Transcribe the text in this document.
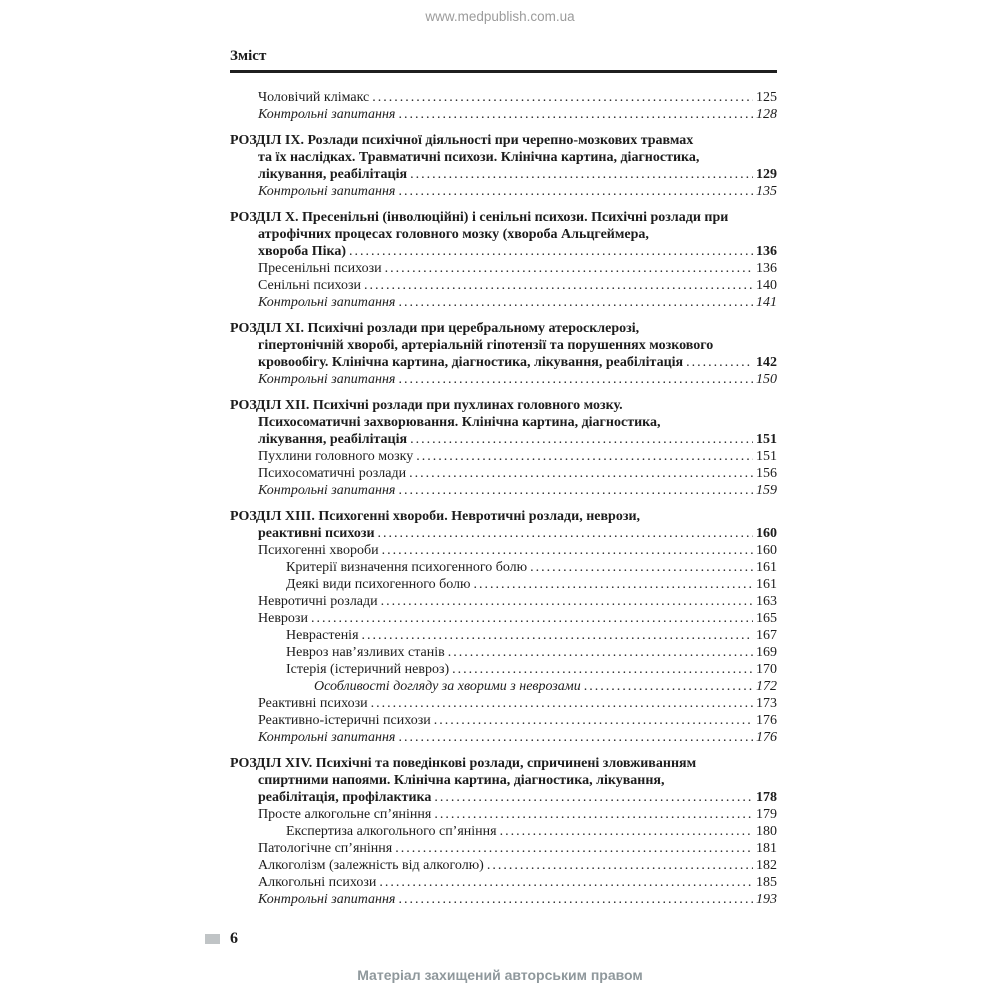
www.medpublish.com.ua
Зміст
Чоловічий клімакс .....	125
Контрольні запитання .....	128
РОЗДІЛ IX. Розлади психічної діяльності при черепно-мозкових травмах
та їх наслідках. Травматичні психози. Клінічна картина, діагностика,
лікування, реабілітація .....	129
Контрольні запитання .....	135
РОЗДІЛ X. Пресенільні (інволюційні) і сенільні психози. Психічні розлади при
атрофічних процесах головного мозку (хвороба Альцгеймера,
хвороба Піка) .....	136
Пресенільні психози .....	136
Сенільні психози .....	140
Контрольні запитання .....	141
РОЗДІЛ XI. Психічні розлади при церебральному атеросклерозі,
гіпертонічній хворобі, артеріальній гіпотензії та порушеннях мозкового
кровообігу. Клінічна картина, діагностика, лікування, реабілітація .....	142
Контрольні запитання .....	150
РОЗДІЛ XII. Психічні розлади при пухлинах головного мозку.
Психосоматичні захворювання. Клінічна картина, діагностика,
лікування, реабілітація .....	151
Пухлини головного мозку .....	151
Психосоматичні розлади .....	156
Контрольні запитання .....	159
РОЗДІЛ XIII. Психогенні хвороби. Невротичні розлади, неврози,
реактивні психози .....	160
Психогенні хвороби .....	160
Критерії визначення психогенного болю .....	161
Деякі види психогенного болю .....	161
Невротичні розлади .....	163
Неврози .....	165
Неврастенія .....	167
Невроз нав’язливих станів .....	169
Істерія (істеричний невроз) .....	170
Особливості догляду за хворими з неврозами .....	172
Реактивні психози .....	173
Реактивно-істеричні психози .....	176
Контрольні запитання .....	176
РОЗДІЛ XIV. Психічні та поведінкові розлади, спричинені зловживанням
спиртними напоями. Клінічна картина, діагностика, лікування,
реабілітація, профілактика .....	178
Просте алкогольне сп’яніння .....	179
Експертиза алкогольного сп’яніння .....	180
Патологічне сп’яніння .....	181
Алкоголізм (залежність від алкоголю) .....	182
Алкогольні психози .....	185
Контрольні запитання .....	193
6
Матеріал захищений авторським правом
